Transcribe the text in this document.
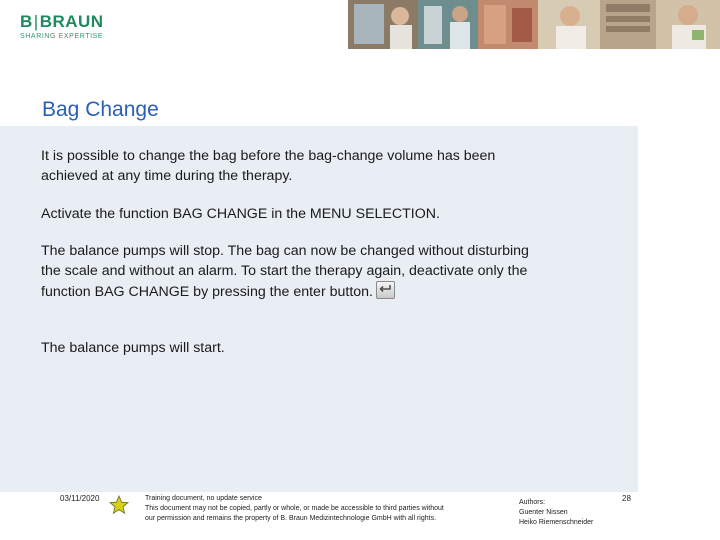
B|BRAUN
SHARING EXPERTISE
Bag Change
It is possible to change the bag before the bag-change volume has been achieved at any time during the therapy.
Activate the function BAG CHANGE in the MENU SELECTION.
The balance pumps will stop. The bag can now be changed without disturbing the scale and without an alarm. To start the therapy again, deactivate only the function BAG CHANGE by pressing the enter button.
The balance pumps will start.
03/11/2020	Training document, no update service
This document may not be copied, partly or whole, or made be accessible to third parties without
our permission and remains the property of B. Braun Medizintechnologie GmbH with all rights.
Authors:
Guenter Nissen
Heiko Riemenschneider
28
